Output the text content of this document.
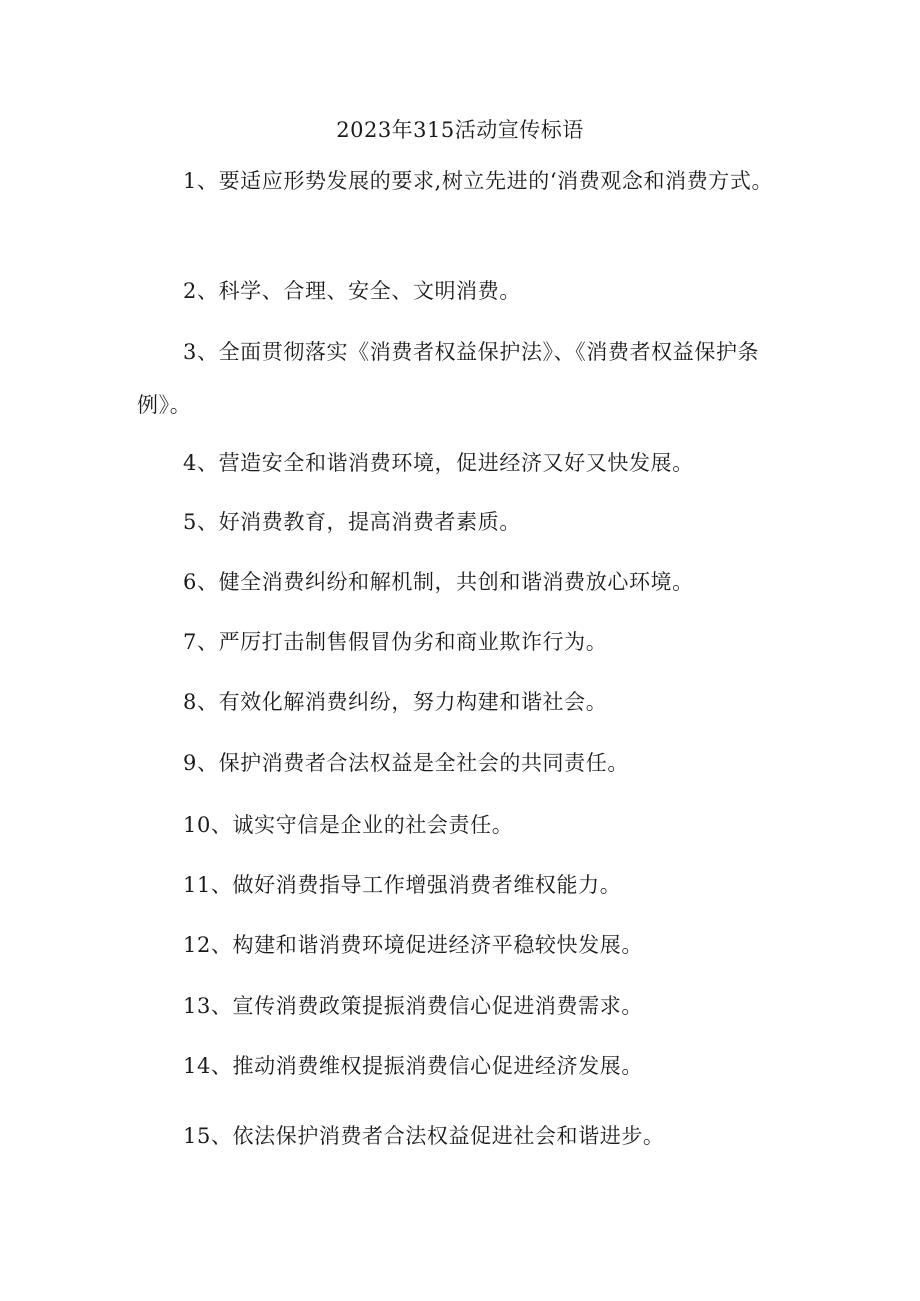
2023年315活动宣传标语
1、要适应形势发展的要求,树立先进的‘消费观念和消费方式。
2、科学、合理、安全、文明消费。
3、全面贯彻落实《消费者权益保护法》、《消费者权益保护条例》。
4、营造安全和谐消费环境，促进经济又好又快发展。
5、好消费教育，提高消费者素质。
6、健全消费纠纷和解机制，共创和谐消费放心环境。
7、严厉打击制售假冒伪劣和商业欺诈行为。
8、有效化解消费纠纷，努力构建和谐社会。
9、保护消费者合法权益是全社会的共同责任。
10、诚实守信是企业的社会责任。
11、做好消费指导工作增强消费者维权能力。
12、构建和谐消费环境促进经济平稳较快发展。
13、宣传消费政策提振消费信心促进消费需求。
14、推动消费维权提振消费信心促进经济发展。
15、依法保护消费者合法权益促进社会和谐进步。
